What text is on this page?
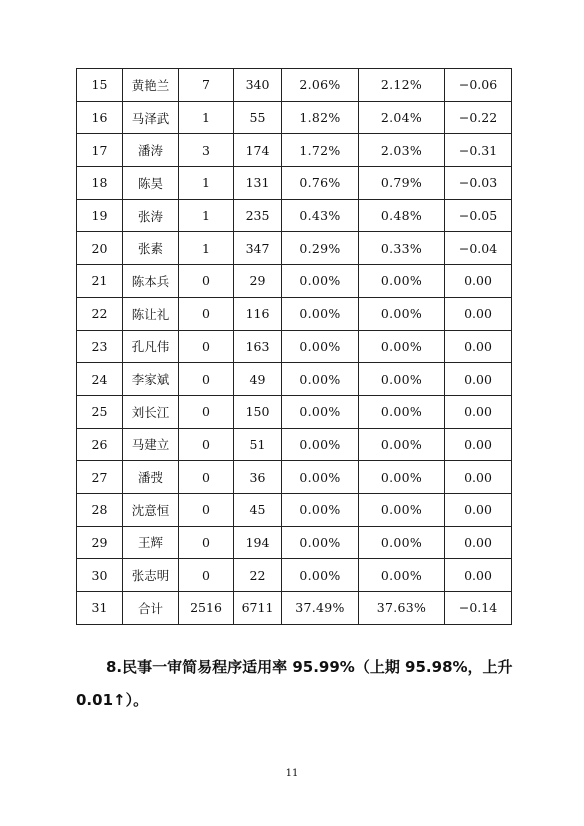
15	黄艳兰	7	340	2.06%	2.12%	−0.06
16	马泽武	1	55	1.82%	2.04%	−0.22
17	潘涛	3	174	1.72%	2.03%	−0.31
18	陈昊	1	131	0.76%	0.79%	−0.03
19	张涛	1	235	0.43%	0.48%	−0.05
20	张素	1	347	0.29%	0.33%	−0.04
21	陈本兵	0	29	0.00%	0.00%	0.00
22	陈让礼	0	116	0.00%	0.00%	0.00
23	孔凡伟	0	163	0.00%	0.00%	0.00
24	李家斌	0	49	0.00%	0.00%	0.00
25	刘长江	0	150	0.00%	0.00%	0.00
26	马建立	0	51	0.00%	0.00%	0.00
27	潘弢	0	36	0.00%	0.00%	0.00
28	沈意恒	0	45	0.00%	0.00%	0.00
29	王辉	0	194	0.00%	0.00%	0.00
30	张志明	0	22	0.00%	0.00%	0.00
31	合计	2516	6711	37.49%	37.63%	−0.14
8.民事一审简易程序适用率 95.99%（上期 95.98%，上升
0.01↑）。
11
